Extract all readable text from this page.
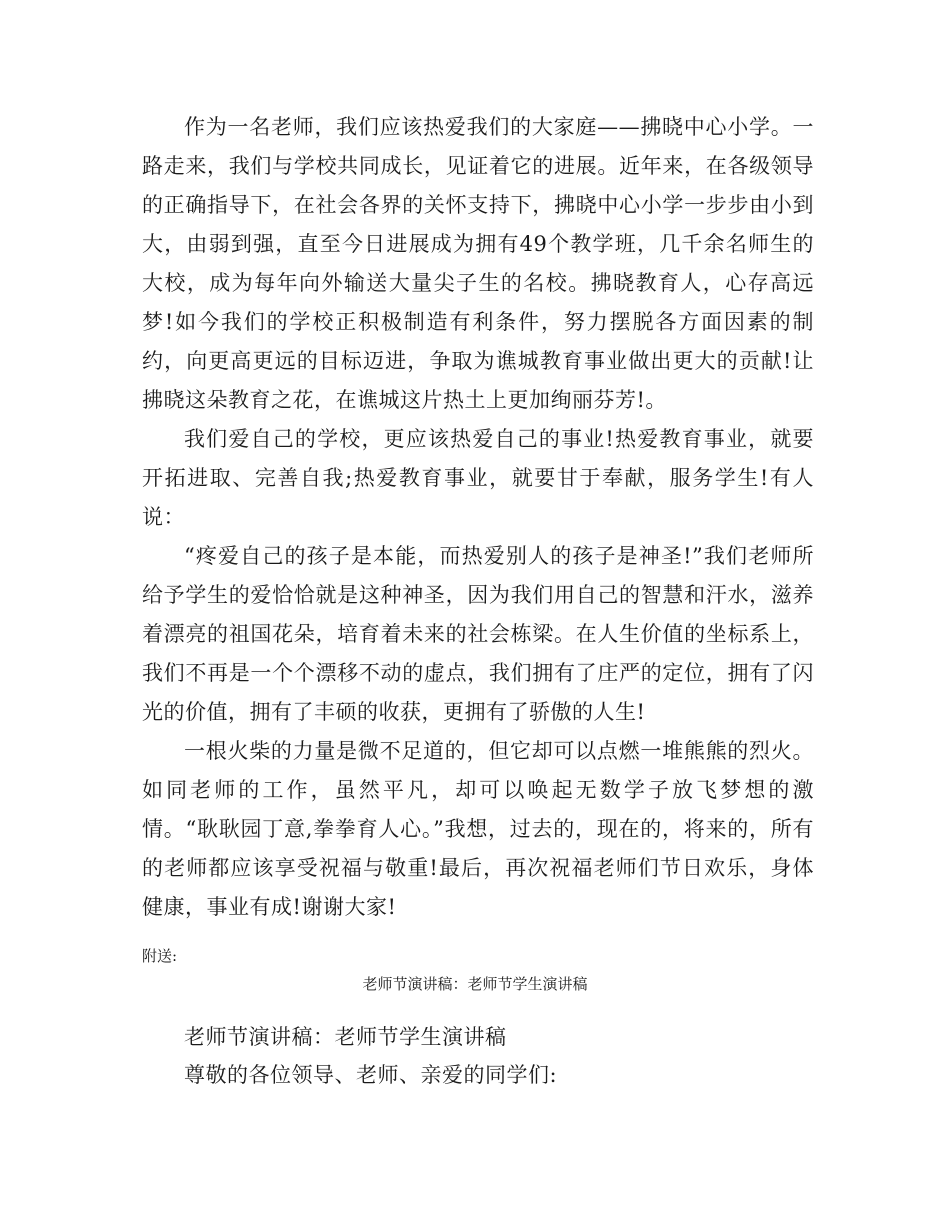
作为一名老师，我们应该热爱我们的大家庭——拂晓中心小学。一路走来，我们与学校共同成长，见证着它的进展。近年来，在各级领导的正确指导下，在社会各界的关怀支持下，拂晓中心小学一步步由小到大，由弱到强，直至今日进展成为拥有49个教学班，几千余名师生的大校，成为每年向外输送大量尖子生的名校。拂晓教育人，心存高远梦!如今我们的学校正积极制造有利条件，努力摆脱各方面因素的制约，向更高更远的目标迈进，争取为谯城教育事业做出更大的贡献!让拂晓这朵教育之花，在谯城这片热土上更加绚丽芬芳!。

我们爱自己的学校，更应该热爱自己的事业!热爱教育事业，就要开拓进取、完善自我;热爱教育事业，就要甘于奉献，服务学生!有人说：

“疼爱自己的孩子是本能，而热爱别人的孩子是神圣!”我们老师所给予学生的爱恰恰就是这种神圣，因为我们用自己的智慧和汗水，滋养着漂亮的祖国花朵，培育着未来的社会栋梁。在人生价值的坐标系上，我们不再是一个个漂移不动的虚点，我们拥有了庄严的定位，拥有了闪光的价值，拥有了丰硕的收获，更拥有了骄傲的人生!

一根火柴的力量是微不足道的，但它却可以点燃一堆熊熊的烈火。如同老师的工作，虽然平凡，却可以唤起无数学子放飞梦想的激情。“耿耿园丁意,拳拳育人心。”我想，过去的，现在的，将来的，所有的老师都应该享受祝福与敬重!最后，再次祝福老师们节日欢乐，身体健康，事业有成!谢谢大家!

附送:

老师节演讲稿：老师节学生演讲稿

老师节演讲稿：老师节学生演讲稿

尊敬的各位领导、老师、亲爱的同学们:
